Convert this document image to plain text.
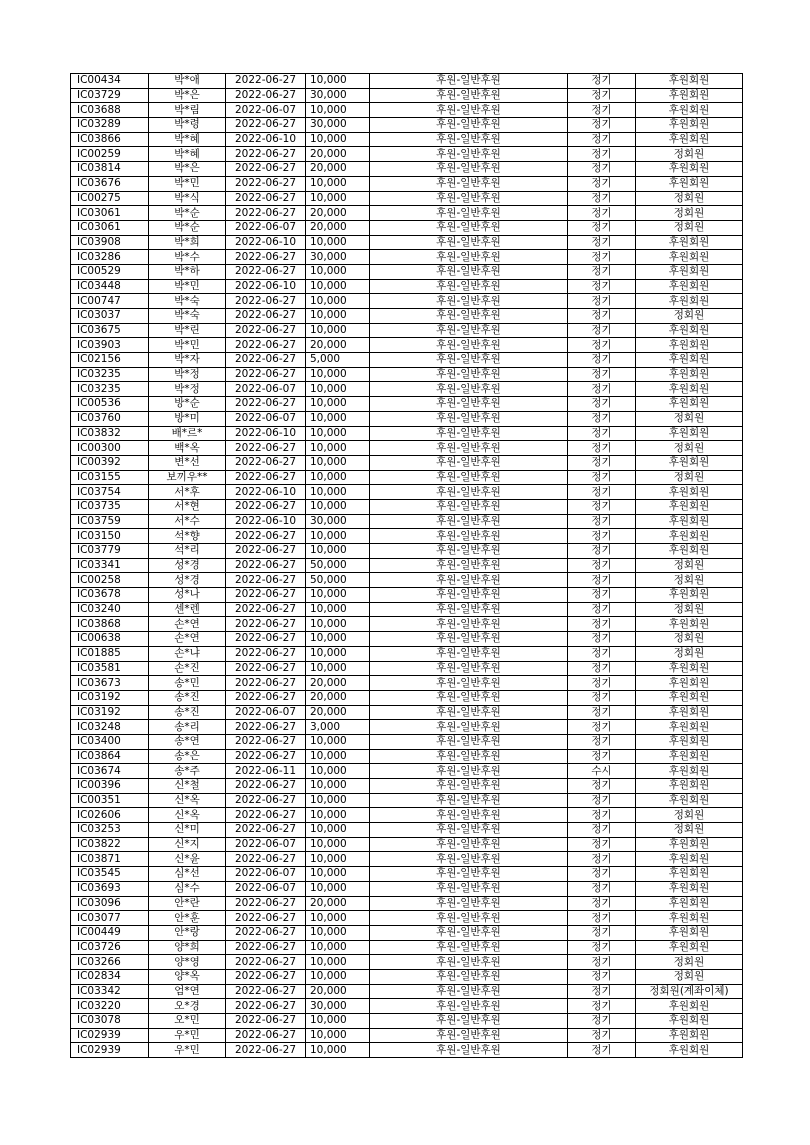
IC00434	박*애	2022-06-27	10,000	후원-일반후원	정기	후원회원
IC03729	박*은	2022-06-27	30,000	후원-일반후원	정기	후원회원
IC03688	박*림	2022-06-07	10,000	후원-일반후원	정기	후원회원
IC03289	박*령	2022-06-27	30,000	후원-일반후원	정기	후원회원
IC03866	박*혜	2022-06-10	10,000	후원-일반후원	정기	후원회원
IC00259	박*혜	2022-06-27	20,000	후원-일반후원	정기	정회원
IC03814	박*은	2022-06-27	20,000	후원-일반후원	정기	후원회원
IC03676	박*민	2022-06-27	10,000	후원-일반후원	정기	후원회원
IC00275	박*식	2022-06-27	10,000	후원-일반후원	정기	정회원
IC03061	박*순	2022-06-27	20,000	후원-일반후원	정기	정회원
IC03061	박*순	2022-06-07	20,000	후원-일반후원	정기	정회원
IC03908	박*희	2022-06-10	10,000	후원-일반후원	정기	후원회원
IC03286	박*수	2022-06-27	30,000	후원-일반후원	정기	후원회원
IC00529	박*하	2022-06-27	10,000	후원-일반후원	정기	후원회원
IC03448	박*민	2022-06-10	10,000	후원-일반후원	정기	후원회원
IC00747	박*숙	2022-06-27	10,000	후원-일반후원	정기	후원회원
IC03037	박*숙	2022-06-27	10,000	후원-일반후원	정기	정회원
IC03675	박*린	2022-06-27	10,000	후원-일반후원	정기	후원회원
IC03903	박*민	2022-06-27	20,000	후원-일반후원	정기	후원회원
IC02156	박*자	2022-06-27	5,000	후원-일반후원	정기	후원회원
IC03235	박*정	2022-06-27	10,000	후원-일반후원	정기	후원회원
IC03235	박*정	2022-06-07	10,000	후원-일반후원	정기	후원회원
IC00536	방*순	2022-06-27	10,000	후원-일반후원	정기	후원회원
IC03760	방*미	2022-06-07	10,000	후원-일반후원	정기	정회원
IC03832	배*르*	2022-06-10	10,000	후원-일반후원	정기	후원회원
IC00300	백*옥	2022-06-27	10,000	후원-일반후원	정기	정회원
IC00392	변*선	2022-06-27	10,000	후원-일반후원	정기	후원회원
IC03155	보끼우**	2022-06-27	10,000	후원-일반후원	정기	정회원
IC03754	서*후	2022-06-10	10,000	후원-일반후원	정기	후원회원
IC03735	서*현	2022-06-27	10,000	후원-일반후원	정기	후원회원
IC03759	서*수	2022-06-10	30,000	후원-일반후원	정기	후원회원
IC03150	석*향	2022-06-27	10,000	후원-일반후원	정기	후원회원
IC03779	석*리	2022-06-27	10,000	후원-일반후원	정기	후원회원
IC03341	성*경	2022-06-27	50,000	후원-일반후원	정기	정회원
IC00258	성*경	2022-06-27	50,000	후원-일반후원	정기	정회원
IC03678	성*나	2022-06-27	10,000	후원-일반후원	정기	후원회원
IC03240	센*렌	2022-06-27	10,000	후원-일반후원	정기	정회원
IC03868	손*연	2022-06-27	10,000	후원-일반후원	정기	후원회원
IC00638	손*연	2022-06-27	10,000	후원-일반후원	정기	정회원
IC01885	손*냐	2022-06-27	10,000	후원-일반후원	정기	정회원
IC03581	손*진	2022-06-27	10,000	후원-일반후원	정기	후원회원
IC03673	송*민	2022-06-27	20,000	후원-일반후원	정기	후원회원
IC03192	송*진	2022-06-27	20,000	후원-일반후원	정기	후원회원
IC03192	송*진	2022-06-07	20,000	후원-일반후원	정기	후원회원
IC03248	송*리	2022-06-27	3,000	후원-일반후원	정기	후원회원
IC03400	송*연	2022-06-27	10,000	후원-일반후원	정기	후원회원
IC03864	송*은	2022-06-27	10,000	후원-일반후원	정기	후원회원
IC03674	송*주	2022-06-11	10,000	후원-일반후원	수시	후원회원
IC00396	신*철	2022-06-27	10,000	후원-일반후원	정기	후원회원
IC00351	신*옥	2022-06-27	10,000	후원-일반후원	정기	후원회원
IC02606	신*옥	2022-06-27	10,000	후원-일반후원	정기	정회원
IC03253	신*미	2022-06-27	10,000	후원-일반후원	정기	정회원
IC03822	신*지	2022-06-07	10,000	후원-일반후원	정기	후원회원
IC03871	신*윤	2022-06-27	10,000	후원-일반후원	정기	후원회원
IC03545	심*선	2022-06-07	10,000	후원-일반후원	정기	후원회원
IC03693	심*수	2022-06-07	10,000	후원-일반후원	정기	후원회원
IC03096	안*란	2022-06-27	20,000	후원-일반후원	정기	후원회원
IC03077	안*훈	2022-06-27	10,000	후원-일반후원	정기	후원회원
IC00449	안*랑	2022-06-27	10,000	후원-일반후원	정기	후원회원
IC03726	양*희	2022-06-27	10,000	후원-일반후원	정기	후원회원
IC03266	양*영	2022-06-27	10,000	후원-일반후원	정기	정회원
IC02834	양*옥	2022-06-27	10,000	후원-일반후원	정기	정회원
IC03342	엄*연	2022-06-27	20,000	후원-일반후원	정기	정회원(계좌이체)
IC03220	오*경	2022-06-27	30,000	후원-일반후원	정기	후원회원
IC03078	오*민	2022-06-27	10,000	후원-일반후원	정기	후원회원
IC02939	우*민	2022-06-27	10,000	후원-일반후원	정기	후원회원
IC02939	우*민	2022-06-27	10,000	후원-일반후원	정기	후원회원
